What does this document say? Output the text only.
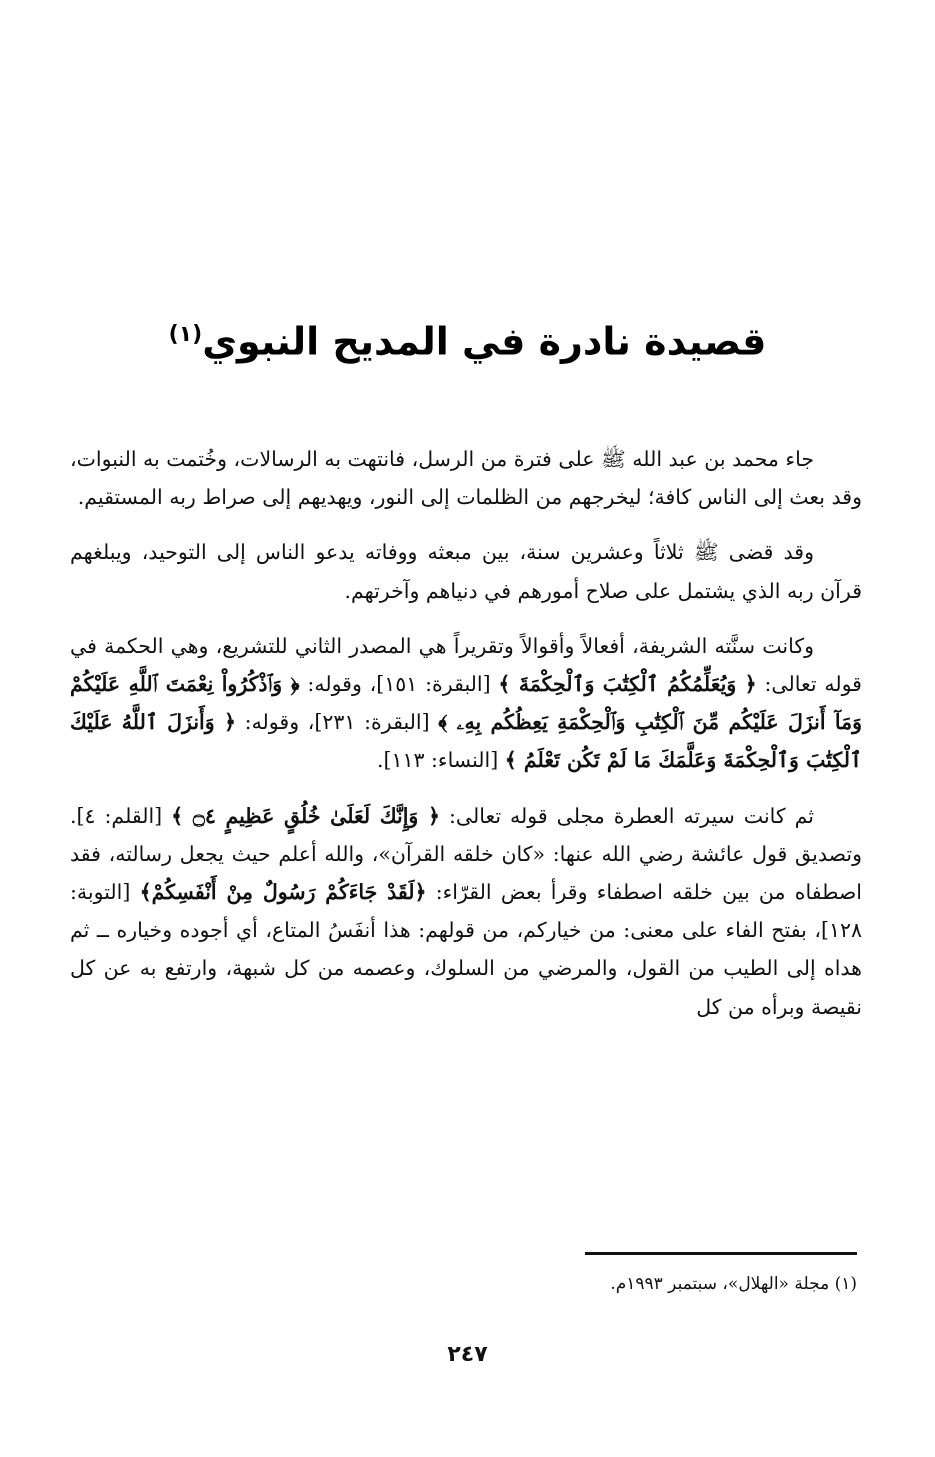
قصيدة نادرة في المديح النبوي$^{(١)}$

جاء محمد بن عبد الله ﷺ على فترة من الرسل، فانتهت به الرسالات، وخُتمت به النبوات، وقد بعث إلى الناس كافة؛ ليخرجهم من الظلمات إلى النور، ويهديهم إلى صراط ربه المستقيم.

وقد قضى ﷺ ثلاثاً وعشرين سنة، بين مبعثه ووفاته يدعو الناس إلى التوحيد، ويبلغهم قرآن ربه الذي يشتمل على صلاح أمورهم في دنياهم وآخرتهم.

وكانت سنَّته الشريفة، أفعالاً وأقوالاً وتقريراً هي المصدر الثاني للتشريع، وهي الحكمة في قوله تعالى: ﴿ وَيُعَلِّمُكُمُ ٱلْكِتَٰبَ وَٱلْحِكْمَةَ ﴾ [البقرة: ١٥١]، وقوله: ﴿ وَٱذْكُرُواْ نِعْمَتَ ٱللَّهِ عَلَيْكُمْ وَمَآ أَنزَلَ عَلَيْكُم مِّنَ ٱلْكِتَٰبِ وَٱلْحِكْمَةِ يَعِظُكُم بِهِۦ ﴾ [البقرة: ٢٣١]، وقوله: ﴿ وَأَنزَلَ ٱللَّهُ عَلَيْكَ ٱلْكِتَٰبَ وَٱلْحِكْمَةَ وَعَلَّمَكَ مَا لَمْ تَكُن تَعْلَمُ ﴾ [النساء: ١١٣].

ثم كانت سيرته العطرة مجلى قوله تعالى: ﴿ وَإِنَّكَ لَعَلَىٰ خُلُقٍ عَظِيمٍ ۝٤ ﴾ [القلم: ٤]. وتصديق قول عائشة رضي الله عنها: «كان خلقه القرآن»، والله أعلم حيث يجعل رسالته، فقد اصطفاه من بين خلقه اصطفاء وقرأ بعض القرّاء: ﴿لَقَدْ جَاءَكُمْ رَسُولٌ مِنْ أَنْفَسِكُمْ﴾ [التوبة: ١٢٨]، بفتح الفاء على معنى: من خياركم، من قولهم: هذا أنفَسُ المتاع، أي أجوده وخياره ــ ثم هداه إلى الطيب من القول، والمرضي من السلوك، وعصمه من كل شبهة، وارتفع به عن كل نقيصة وبرأه من كل

(١) مجلة «الهلال»، سبتمبر ١٩٩٣م.
٢٤٧
